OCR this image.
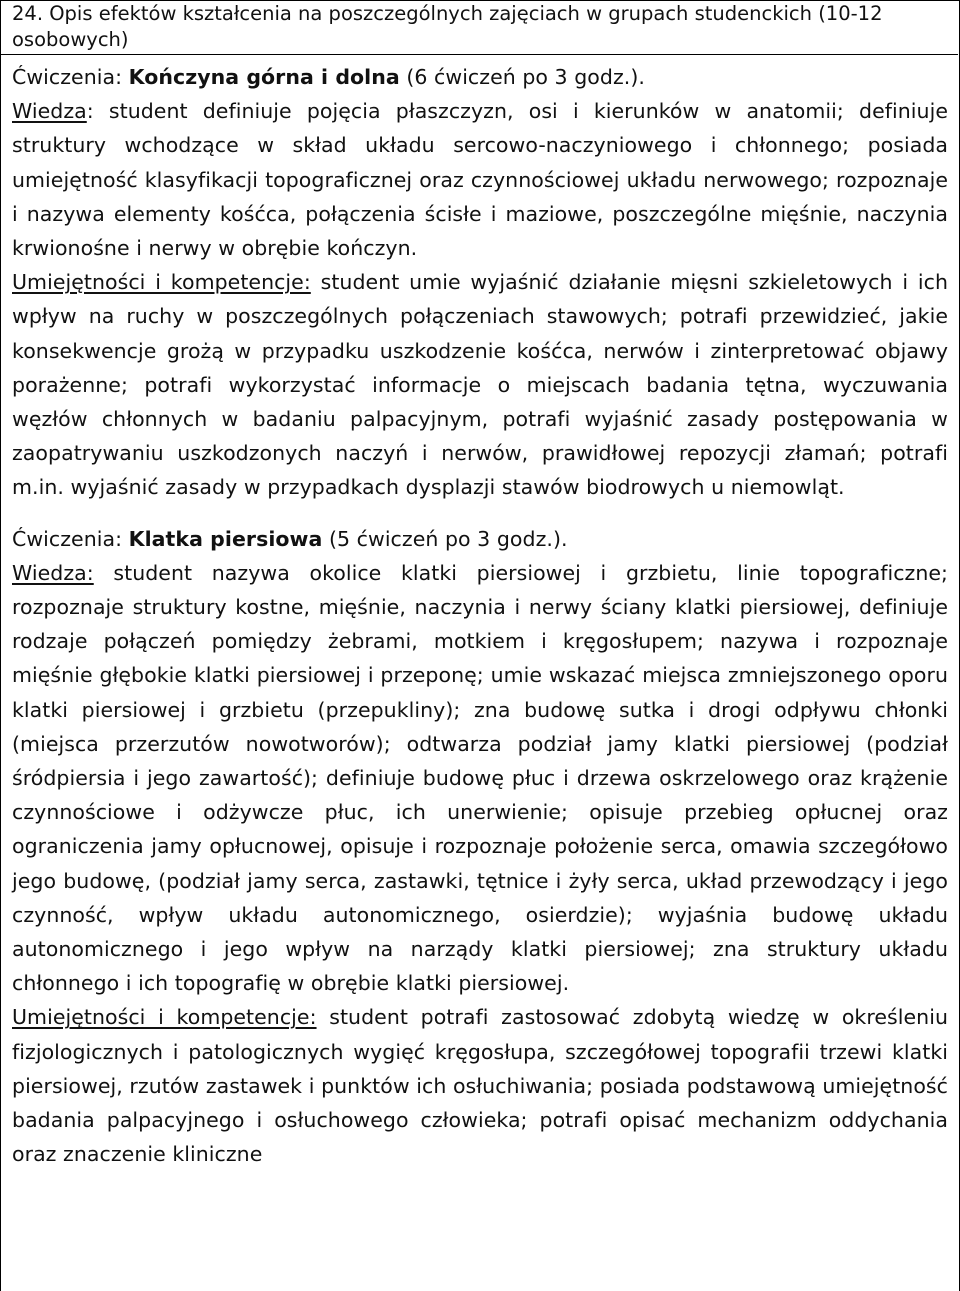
24. Opis efektów kształcenia na poszczególnych zajęciach w grupach studenckich (10-12 osobowych)

Ćwiczenia: Kończyna górna i dolna (6 ćwiczeń po 3 godz.).

Wiedza: student definiuje pojęcia płaszczyzn, osi i kierunków w anatomii; definiuje struktury wchodzące w skład układu sercowo-naczyniowego i chłonnego; posiada umiejętność klasyfikacji topograficznej oraz czynnościowej układu nerwowego; rozpoznaje i nazywa elementy kośćca, połączenia ścisłe i maziowe, poszczególne mięśnie, naczynia krwionośne i nerwy w obrębie kończyn.

Umiejętności i kompetencje: student umie wyjaśnić działanie mięsni szkieletowych i ich wpływ na ruchy w poszczególnych połączeniach stawowych; potrafi przewidzieć, jakie konsekwencje grożą w przypadku uszkodzenie kośćca, nerwów i zinterpretować objawy porażenne; potrafi wykorzystać informacje o miejscach badania tętna, wyczuwania węzłów chłonnych w badaniu palpacyjnym, potrafi wyjaśnić zasady postępowania w zaopatrywaniu uszkodzonych naczyń i nerwów, prawidłowej repozycji złamań; potrafi m.in. wyjaśnić zasady w przypadkach dysplazji stawów biodrowych u niemowląt.

Ćwiczenia: Klatka piersiowa (5 ćwiczeń po 3 godz.).

Wiedza: student nazywa okolice klatki piersiowej i grzbietu, linie topograficzne; rozpoznaje struktury kostne, mięśnie, naczynia i nerwy ściany klatki piersiowej, definiuje rodzaje połączeń pomiędzy żebrami, motkiem i kręgosłupem; nazywa i rozpoznaje mięśnie głębokie klatki piersiowej i przeponę; umie wskazać miejsca zmniejszonego oporu klatki piersiowej i grzbietu (przepukliny); zna budowę sutka i drogi odpływu chłonki (miejsca przerzutów nowotworów); odtwarza podział jamy klatki piersiowej (podział śródpiersia i jego zawartość); definiuje budowę płuc i drzewa oskrzelowego oraz krążenie czynnościowe i odżywcze płuc, ich unerwienie; opisuje przebieg opłucnej oraz ograniczenia jamy opłucnowej, opisuje i rozpoznaje położenie serca, omawia szczegółowo jego budowę, (podział jamy serca, zastawki, tętnice i żyły serca, układ przewodzący i jego czynność, wpływ układu autonomicznego, osierdzie); wyjaśnia budowę układu autonomicznego i jego wpływ na narządy klatki piersiowej; zna struktury układu chłonnego i ich topografię w obrębie klatki piersiowej.

Umiejętności i kompetencje: student potrafi zastosować zdobytą wiedzę w określeniu fizjologicznych i patologicznych wygięć kręgosłupa, szczegółowej topografii trzewi klatki piersiowej, rzutów zastawek i punktów ich osłuchiwania; posiada podstawową umiejętność badania palpacyjnego i osłuchowego człowieka; potrafi opisać mechanizm oddychania oraz znaczenie kliniczne
